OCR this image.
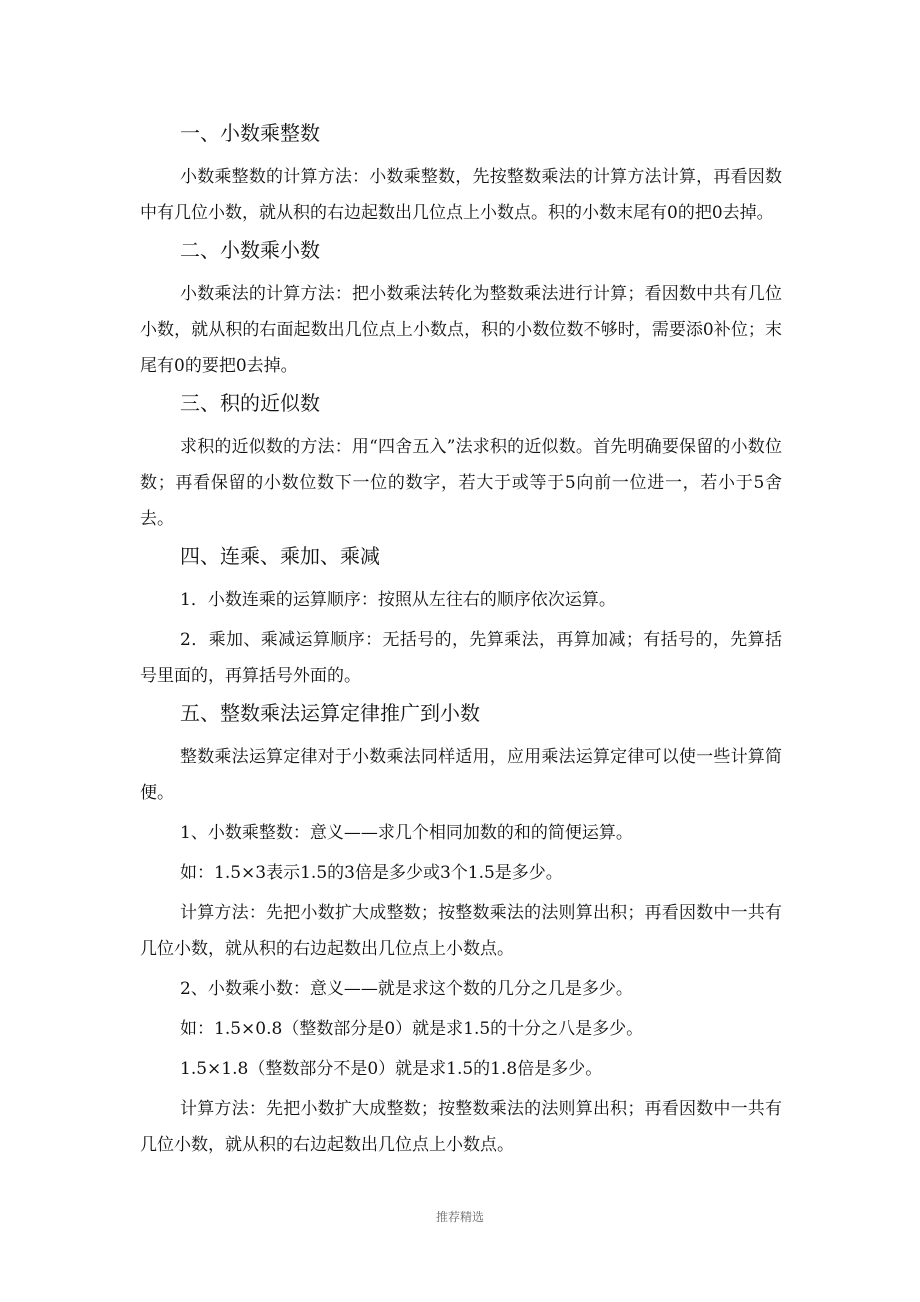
一、小数乘整数

小数乘整数的计算方法：小数乘整数，先按整数乘法的计算方法计算，再看因数中有几位小数，就从积的右边起数出几位点上小数点。积的小数末尾有0的把0去掉。

二、小数乘小数

小数乘法的计算方法：把小数乘法转化为整数乘法进行计算；看因数中共有几位小数，就从积的右面起数出几位点上小数点，积的小数位数不够时，需要添0补位；末尾有0的要把0去掉。

三、积的近似数

求积的近似数的方法：用“四舍五入”法求积的近似数。首先明确要保留的小数位数；再看保留的小数位数下一位的数字，若大于或等于5向前一位进一，若小于5舍去。

四、连乘、乘加、乘减

1．小数连乘的运算顺序：按照从左往右的顺序依次运算。

2．乘加、乘减运算顺序：无括号的，先算乘法，再算加减；有括号的，先算括号里面的，再算括号外面的。

五、整数乘法运算定律推广到小数

整数乘法运算定律对于小数乘法同样适用，应用乘法运算定律可以使一些计算简便。

1、小数乘整数：意义——求几个相同加数的和的简便运算。

如：1.5×3表示1.5的3倍是多少或3个1.5是多少。

计算方法：先把小数扩大成整数；按整数乘法的法则算出积；再看因数中一共有几位小数，就从积的右边起数出几位点上小数点。

2、小数乘小数：意义——就是求这个数的几分之几是多少。

如：1.5×0.8（整数部分是0）就是求1.5的十分之八是多少。

1.5×1.8（整数部分不是0）就是求1.5的1.8倍是多少。

计算方法：先把小数扩大成整数；按整数乘法的法则算出积；再看因数中一共有几位小数，就从积的右边起数出几位点上小数点。

推荐精选
